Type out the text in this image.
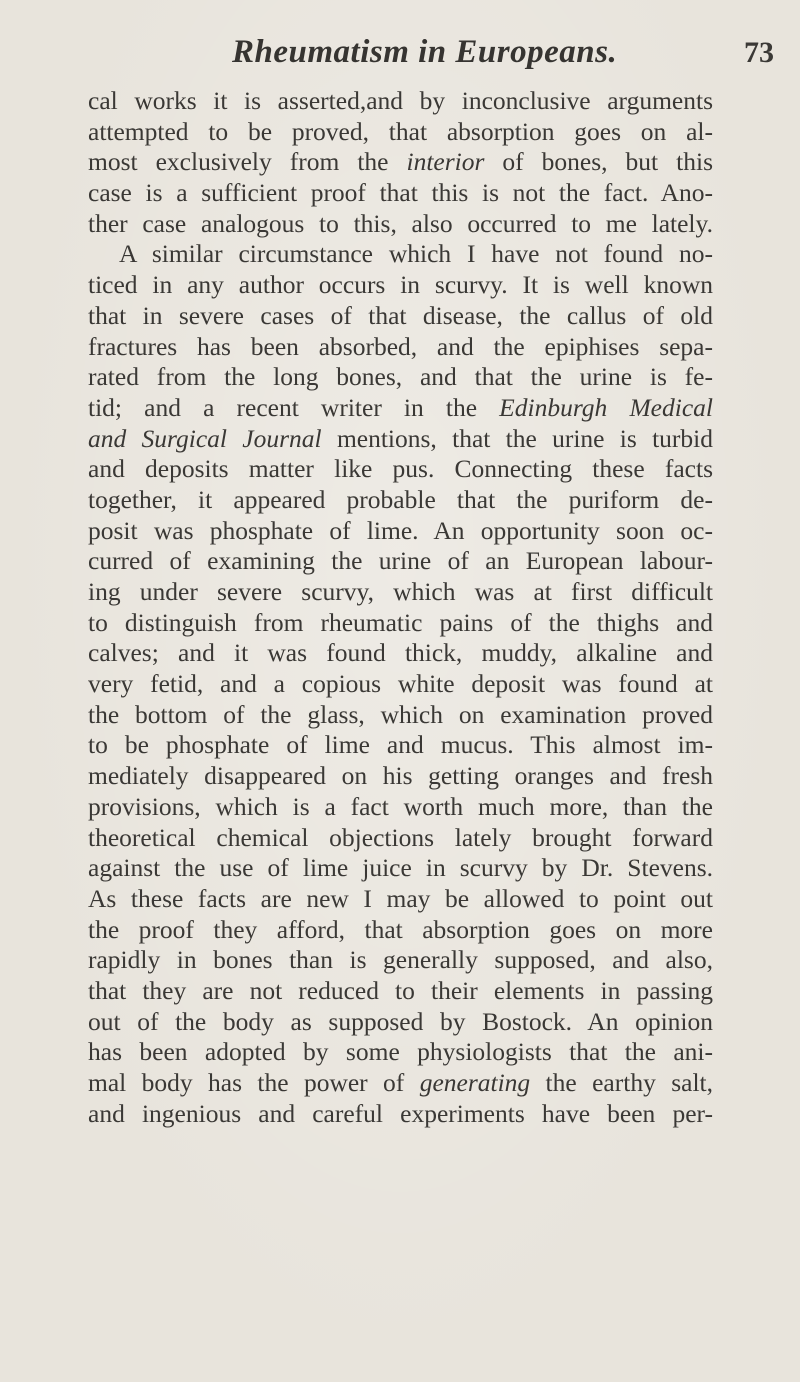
Rheumatism in Europeans.	73
cal works it is asserted,and by inconclusive arguments
attempted to be proved, that absorption goes on al-
most exclusively from the interior of bones, but this
case is a sufficient proof that this is not the fact. Ano-
ther case analogous to this, also occurred to me lately.
A similar circumstance which I have not found no-
ticed in any author occurs in scurvy. It is well known
that in severe cases of that disease, the callus of old
fractures has been absorbed, and the epiphises sepa-
rated from the long bones, and that the urine is fe-
tid; and a recent writer in the Edinburgh Medical
and Surgical Journal mentions, that the urine is turbid
and deposits matter like pus. Connecting these facts
together, it appeared probable that the puriform de-
posit was phosphate of lime. An opportunity soon oc-
curred of examining the urine of an European labour-
ing under severe scurvy, which was at first difficult
to distinguish from rheumatic pains of the thighs and
calves; and it was found thick, muddy, alkaline and
very fetid, and a copious white deposit was found at
the bottom of the glass, which on examination proved
to be phosphate of lime and mucus. This almost im-
mediately disappeared on his getting oranges and fresh
provisions, which is a fact worth much more, than the
theoretical chemical objections lately brought forward
against the use of lime juice in scurvy by Dr. Stevens.
As these facts are new I may be allowed to point out
the proof they afford, that absorption goes on more
rapidly in bones than is generally supposed, and also,
that they are not reduced to their elements in passing
out of the body as supposed by Bostock. An opinion
has been adopted by some physiologists that the ani-
mal body has the power of generating the earthy salt,
and ingenious and careful experiments have been per-
